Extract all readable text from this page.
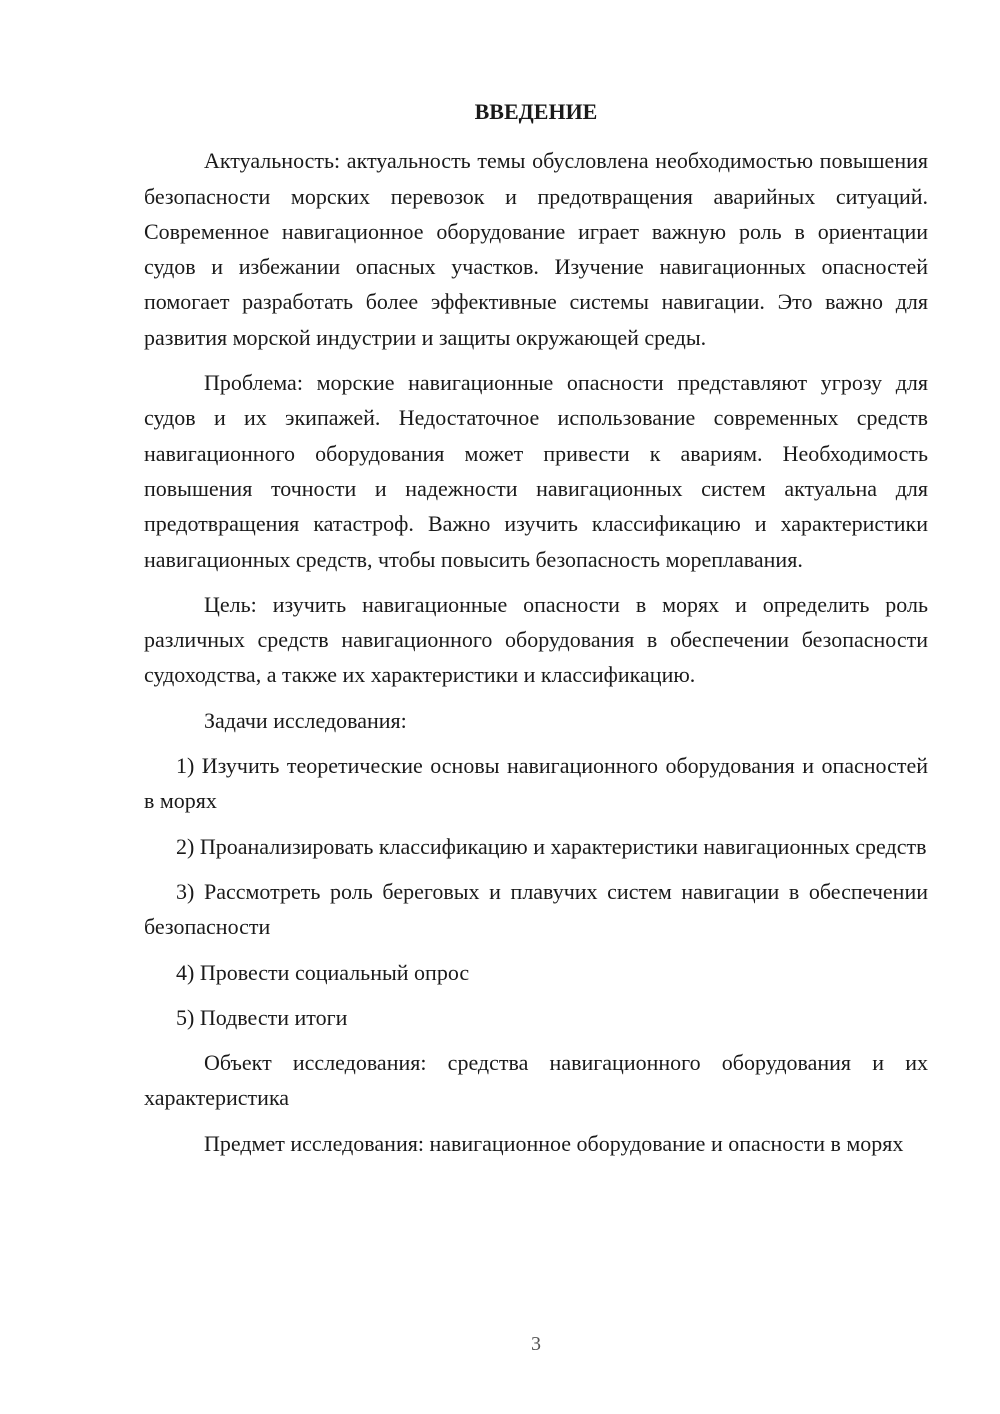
ВВЕДЕНИЕ

Актуальность: актуальность темы обусловлена необходимостью повышения безопасности морских перевозок и предотвращения аварийных ситуаций. Современное навигационное оборудование играет важную роль в ориентации судов и избежании опасных участков. Изучение навигационных опасностей помогает разработать более эффективные системы навигации. Это важно для развития морской индустрии и защиты окружающей среды.

Проблема: морские навигационные опасности представляют угрозу для судов и их экипажей. Недостаточное использование современных средств навигационного оборудования может привести к авариям. Необходимость повышения точности и надежности навигационных систем актуальна для предотвращения катастроф. Важно изучить классификацию и характеристики навигационных средств, чтобы повысить безопасность мореплавания.

Цель: изучить навигационные опасности в морях и определить роль различных средств навигационного оборудования в обеспечении безопасности судоходства, а также их характеристики и классификацию.

Задачи исследования:

1) Изучить теоретические основы навигационного оборудования и опасностей в морях

2) Проанализировать классификацию и характеристики навигационных средств

3) Рассмотреть роль береговых и плавучих систем навигации в обеспечении безопасности

4) Провести социальный опрос

5) Подвести итоги

Объект исследования: средства навигационного оборудования и их характеристика

Предмет исследования: навигационное оборудование и опасности в морях

3
